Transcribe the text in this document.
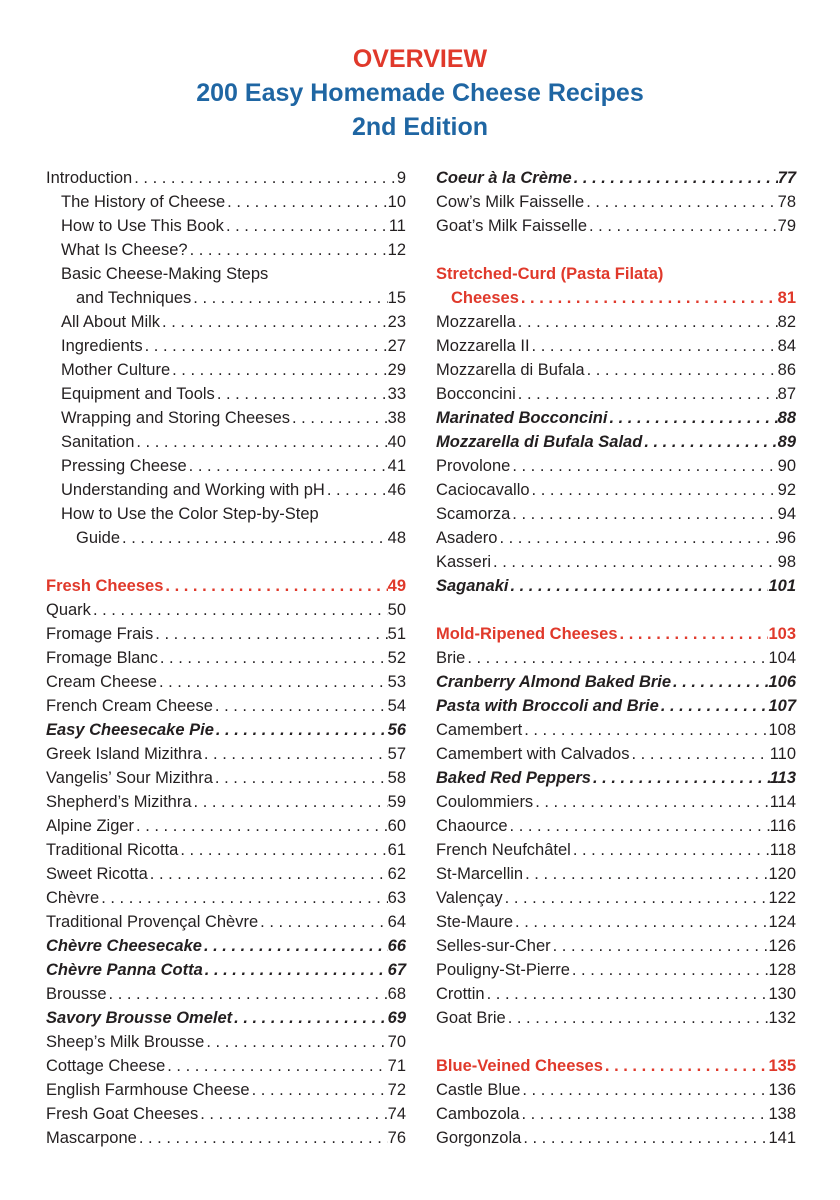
OVERVIEW
200 Easy Homemade Cheese Recipes
2nd Edition
Introduction . . .	9
The History of Cheese . . .	10
How to Use This Book . . .	11
What Is Cheese? . . .	12
Basic Cheese-Making Steps
and Techniques . . .	15
All About Milk . . .	23
Ingredients . . .	27
Mother Culture . . .	29
Equipment and Tools . . .	33
Wrapping and Storing Cheeses . . .	38
Sanitation . . .	40
Pressing Cheese . . .	41
Understanding and Working with pH . . .	46
How to Use the Color Step-by-Step
Guide . . .	48
Fresh Cheeses . . .	49
Quark . . .	50
Fromage Frais . . .	51
Fromage Blanc . . .	52
Cream Cheese . . .	53
French Cream Cheese . . .	54
Easy Cheesecake Pie . . .	56
Greek Island Mizithra . . .	57
Vangelis’ Sour Mizithra . . .	58
Shepherd’s Mizithra . . .	59
Alpine Ziger . . .	60
Traditional Ricotta . . .	61
Sweet Ricotta . . .	62
Chèvre . . .	63
Traditional Provençal Chèvre . . .	64
Chèvre Cheesecake . . .	66
Chèvre Panna Cotta . . .	67
Brousse . . .	68
Savory Brousse Omelet . . .	69
Sheep’s Milk Brousse . . .	70
Cottage Cheese . . .	71
English Farmhouse Cheese . . .	72
Fresh Goat Cheeses . . .	74
Mascarpone . . .	76
Coeur à la Crème . . .	77
Cow’s Milk Faisselle . . .	78
Goat’s Milk Faisselle . . .	79
Stretched-Curd (Pasta Filata)
Cheeses . . .	81
Mozzarella . . .	82
Mozzarella II . . .	84
Mozzarella di Bufala . . .	86
Bocconcini . . .	87
Marinated Bocconcini . . .	88
Mozzarella di Bufala Salad . . .	89
Provolone . . .	90
Caciocavallo . . .	92
Scamorza . . .	94
Asadero . . .	96
Kasseri . . .	98
Saganaki . . .	101
Mold-Ripened Cheeses . . .	103
Brie . . .	104
Cranberry Almond Baked Brie . . .	106
Pasta with Broccoli and Brie . . .	107
Camembert . . .	108
Camembert with Calvados . . .	110
Baked Red Peppers . . .	113
Coulommiers . . .	114
Chaource . . .	116
French Neufchâtel . . .	118
St-Marcellin . . .	120
Valençay . . .	122
Ste-Maure . . .	124
Selles-sur-Cher . . .	126
Pouligny-St-Pierre . . .	128
Crottin . . .	130
Goat Brie . . .	132
Blue-Veined Cheeses . . .	135
Castle Blue . . .	136
Cambozola . . .	138
Gorgonzola . . .	141
